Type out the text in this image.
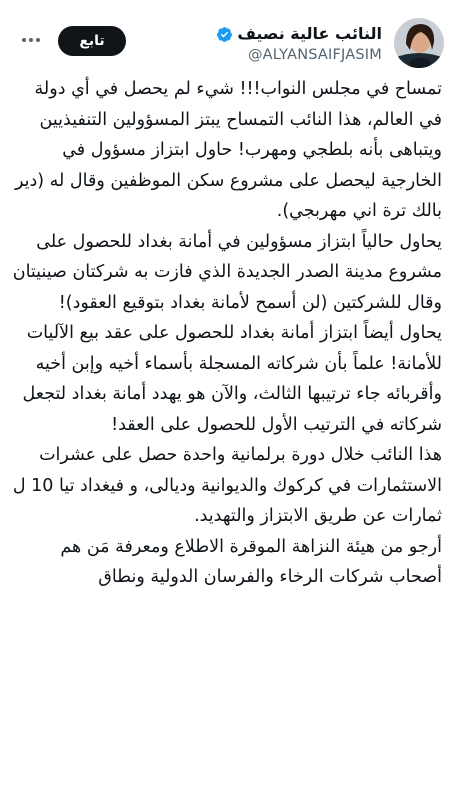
تابع	النائب عالية نصيف
@ALYANSAIFJASIM

تمساح في مجلس النواب!!! شيء لم يحصل في أي دولة في العالم، هذا النائب التمساح يبتز المسؤولين التنفيذيين ويتباهى بأنه بلطجي ومهرب! حاول ابتزاز مسؤول في الخارجية ليحصل على مشروع سكن الموظفين وقال له (دير بالك ترة اني مهربجي).

يحاول حالياً ابتزاز مسؤولين في أمانة بغداد للحصول على مشروع مدينة الصدر الجديدة الذي فازت به شركتان صينيتان وقال للشركتين (لن أسمح لأمانة بغداد بتوقيع العقود)!

يحاول أيضاً ابتزاز أمانة بغداد للحصول على عقد بيع الآليات للأمانة! علماً بأن شركاته المسجلة بأسماء أخيه وإبن أخيه وأقربائه جاء ترتيبها الثالث، والآن هو يهدد أمانة بغداد لتجعل شركاته في الترتيب الأول للحصول على العقد!

هذا النائب خلال دورة برلمانية واحدة حصل على عشرات الاستثمارات في كركوك والديوانية وديالى، و فيغداد تيا 10 ل ثمارات عن طريق الابتزاز والتهديد.

أرجو من هيئة النزاهة الموقرة الاطلاع ومعرفة مَن هم أصحاب شركات الرخاء والفرسان الدولية ونطاق
